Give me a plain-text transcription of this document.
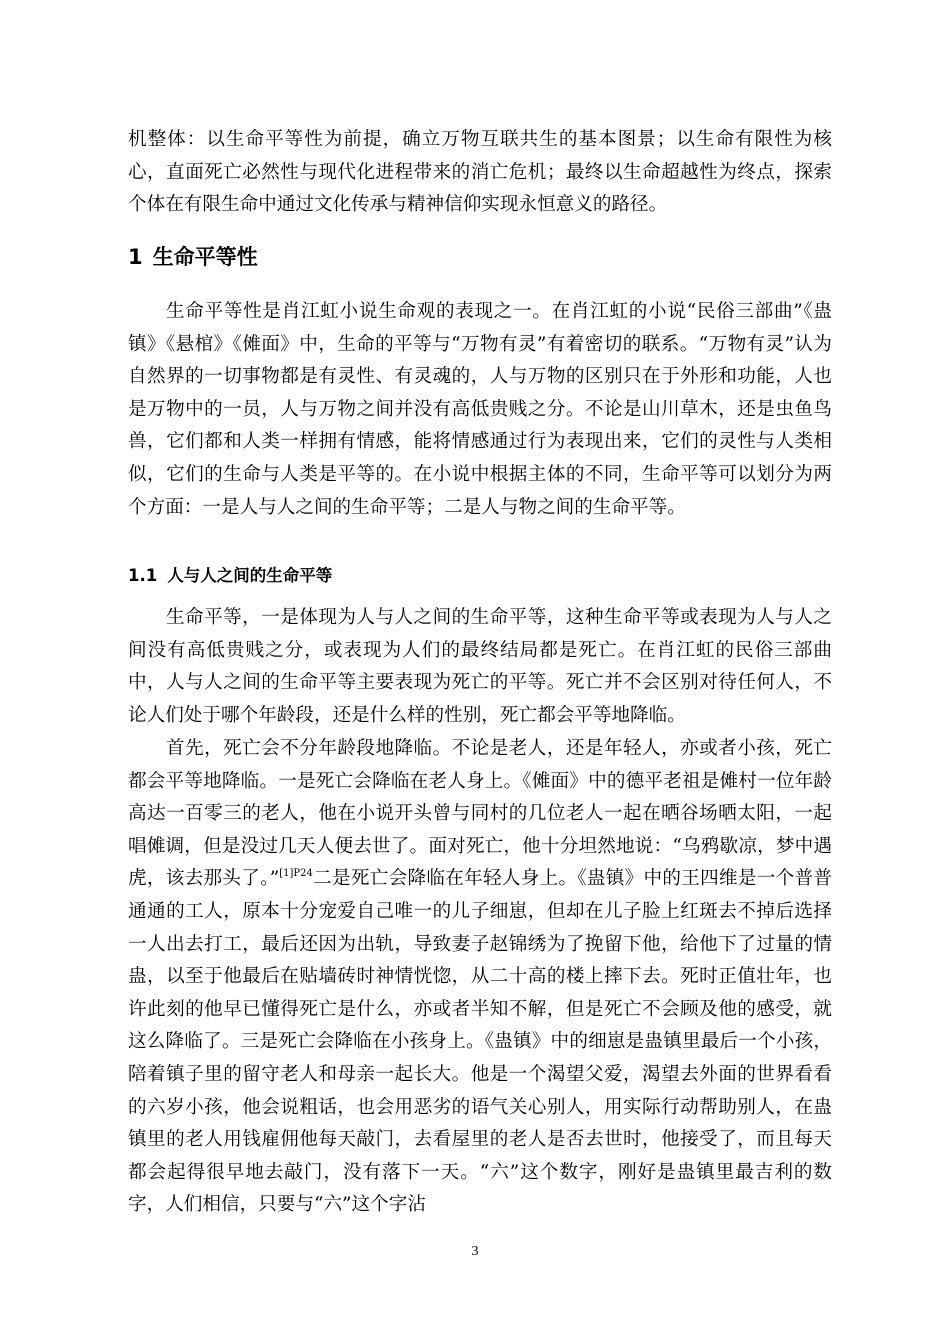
机整体：以生命平等性为前提，确立万物互联共生的基本图景；以生命有限性为核心，直面死亡必然性与现代化进程带来的消亡危机；最终以生命超越性为终点，探索个体在有限生命中通过文化传承与精神信仰实现永恒意义的路径。

1 生命平等性

生命平等性是肖江虹小说生命观的表现之一。在肖江虹的小说“民俗三部曲”《蛊镇》《悬棺》《傩面》中，生命的平等与“万物有灵”有着密切的联系。“万物有灵”认为自然界的一切事物都是有灵性、有灵魂的，人与万物的区别只在于外形和功能，人也是万物中的一员，人与万物之间并没有高低贵贱之分。不论是山川草木，还是虫鱼鸟兽，它们都和人类一样拥有情感，能将情感通过行为表现出来，它们的灵性与人类相似，它们的生命与人类是平等的。在小说中根据主体的不同，生命平等可以划分为两个方面：一是人与人之间的生命平等；二是人与物之间的生命平等。

1.1 人与人之间的生命平等

生命平等，一是体现为人与人之间的生命平等，这种生命平等或表现为人与人之间没有高低贵贱之分，或表现为人们的最终结局都是死亡。在肖江虹的民俗三部曲中，人与人之间的生命平等主要表现为死亡的平等。死亡并不会区别对待任何人，不论人们处于哪个年龄段，还是什么样的性别，死亡都会平等地降临。

首先，死亡会不分年龄段地降临。不论是老人，还是年轻人，亦或者小孩，死亡都会平等地降临。一是死亡会降临在老人身上。《傩面》中的德平老祖是傩村一位年龄高达一百零三的老人，他在小说开头曾与同村的几位老人一起在晒谷场晒太阳，一起唱傩调，但是没过几天人便去世了。面对死亡，他十分坦然地说：“乌鸦歇凉，梦中遇虎，该去那头了。”$^{[1]P24}$二是死亡会降临在年轻人身上。《蛊镇》中的王四维是一个普普通通的工人，原本十分宠爱自己唯一的儿子细崽，但却在儿子脸上红斑去不掉后选择一人出去打工，最后还因为出轨，导致妻子赵锦绣为了挽留下他，给他下了过量的情蛊，以至于他最后在贴墙砖时神情恍惚，从二十高的楼上摔下去。死时正值壮年，也许此刻的他早已懂得死亡是什么，亦或者半知不解，但是死亡不会顾及他的感受，就这么降临了。三是死亡会降临在小孩身上。《蛊镇》中的细崽是蛊镇里最后一个小孩，陪着镇子里的留守老人和母亲一起长大。他是一个渴望父爱，渴望去外面的世界看看的六岁小孩，他会说粗话，也会用恶劣的语气关心别人，用实际行动帮助别人，在蛊镇里的老人用钱雇佣他每天敲门，去看屋里的老人是否去世时，他接受了，而且每天都会起得很早地去敲门，没有落下一天。“六”这个数字，刚好是蛊镇里最吉利的数字，人们相信，只要与“六”这个字沾

3
